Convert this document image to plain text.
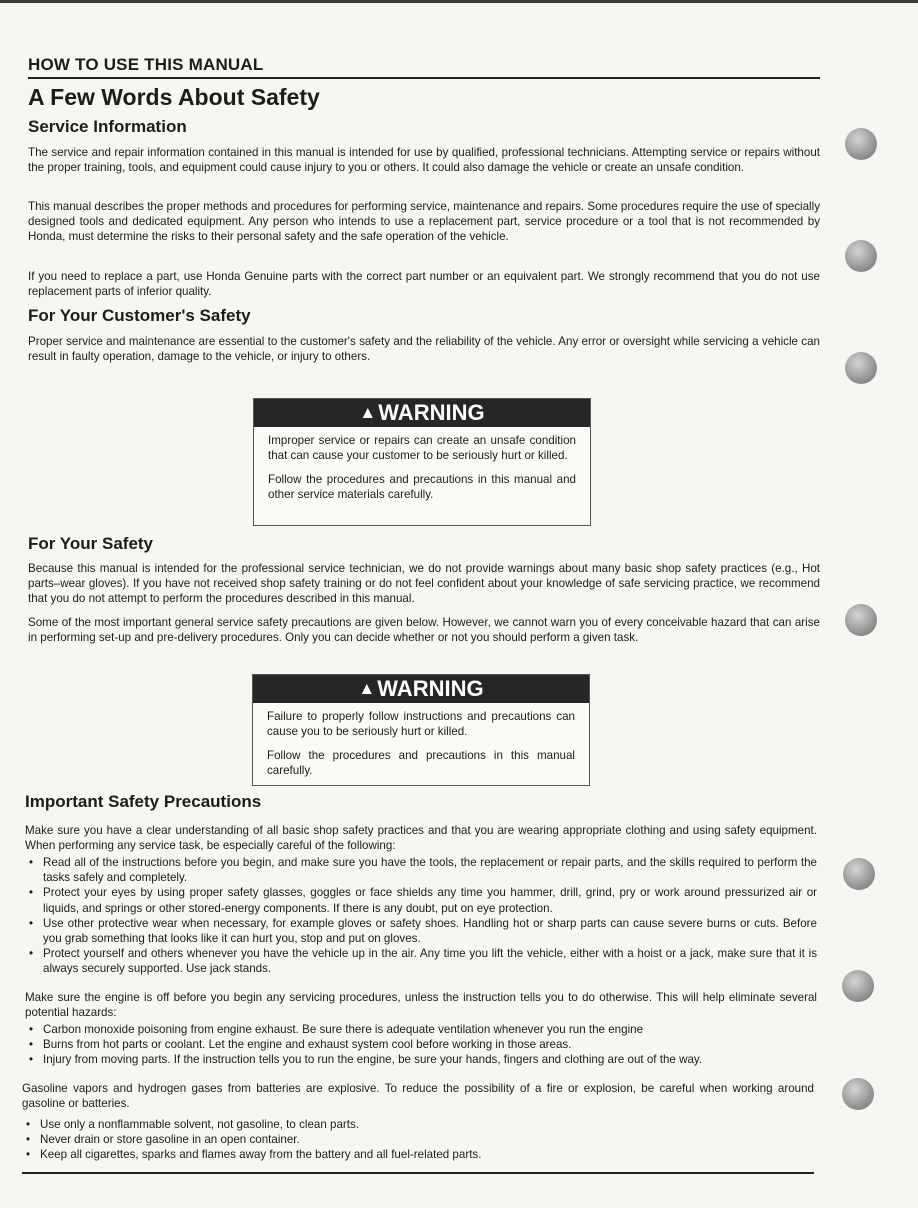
HOW TO USE THIS MANUAL
A Few Words About Safety
Service Information

The service and repair information contained in this manual is intended for use by qualified, professional technicians. Attempting service or repairs without the proper training, tools, and equipment could cause injury to you or others. It could also damage the vehicle or create an unsafe condition.

This manual describes the proper methods and procedures for performing service, maintenance and repairs. Some procedures require the use of specially designed tools and dedicated equipment. Any person who intends to use a replacement part, service procedure or a tool that is not recommended by Honda, must determine the risks to their personal safety and the safe operation of the vehicle.

If you need to replace a part, use Honda Genuine parts with the correct part number or an equivalent part. We strongly recommend that you do not use replacement parts of inferior quality.

For Your Customer's Safety

Proper service and maintenance are essential to the customer's safety and the reliability of the vehicle. Any error or oversight while servicing a vehicle can result in faulty operation, damage to the vehicle, or injury to others.

▲WARNING

Improper service or repairs can create an unsafe condition that can cause your customer to be seriously hurt or killed.

Follow the procedures and precautions in this manual and other service materials carefully.

For Your Safety

Because this manual is intended for the professional service technician, we do not provide warnings about many basic shop safety practices (e.g., Hot parts–wear gloves). If you have not received shop safety training or do not feel confident about your knowledge of safe servicing practice, we recommend that you do not attempt to perform the procedures described in this manual.

Some of the most important general service safety precautions are given below. However, we cannot warn you of every conceivable hazard that can arise in performing set-up and pre-delivery procedures. Only you can decide whether or not you should perform a given task.

▲WARNING

Failure to properly follow instructions and precautions can cause you to be seriously hurt or killed.

Follow the procedures and precautions in this manual carefully.

Important Safety Precautions

Make sure you have a clear understanding of all basic shop safety practices and that you are wearing appropriate clothing and using safety equipment. When performing any service task, be especially careful of the following:

• Read all of the instructions before you begin, and make sure you have the tools, the replacement or repair parts, and the skills required to perform the tasks safely and completely.
• Protect your eyes by using proper safety glasses, goggles or face shields any time you hammer, drill, grind, pry or work around pressurized air or liquids, and springs or other stored-energy components. If there is any doubt, put on eye protection.
• Use other protective wear when necessary, for example gloves or safety shoes. Handling hot or sharp parts can cause severe burns or cuts. Before you grab something that looks like it can hurt you, stop and put on gloves.
• Protect yourself and others whenever you have the vehicle up in the air. Any time you lift the vehicle, either with a hoist or a jack, make sure that it is always securely supported. Use jack stands.

Make sure the engine is off before you begin any servicing procedures, unless the instruction tells you to do otherwise. This will help eliminate several potential hazards:

• Carbon monoxide poisoning from engine exhaust. Be sure there is adequate ventilation whenever you run the engine
• Burns from hot parts or coolant. Let the engine and exhaust system cool before working in those areas.
• Injury from moving parts. If the instruction tells you to run the engine, be sure your hands, fingers and clothing are out of the way.

Gasoline vapors and hydrogen gases from batteries are explosive. To reduce the possibility of a fire or explosion, be careful when working around gasoline or batteries.

• Use only a nonflammable solvent, not gasoline, to clean parts.
• Never drain or store gasoline in an open container.
• Keep all cigarettes, sparks and flames away from the battery and all fuel-related parts.
